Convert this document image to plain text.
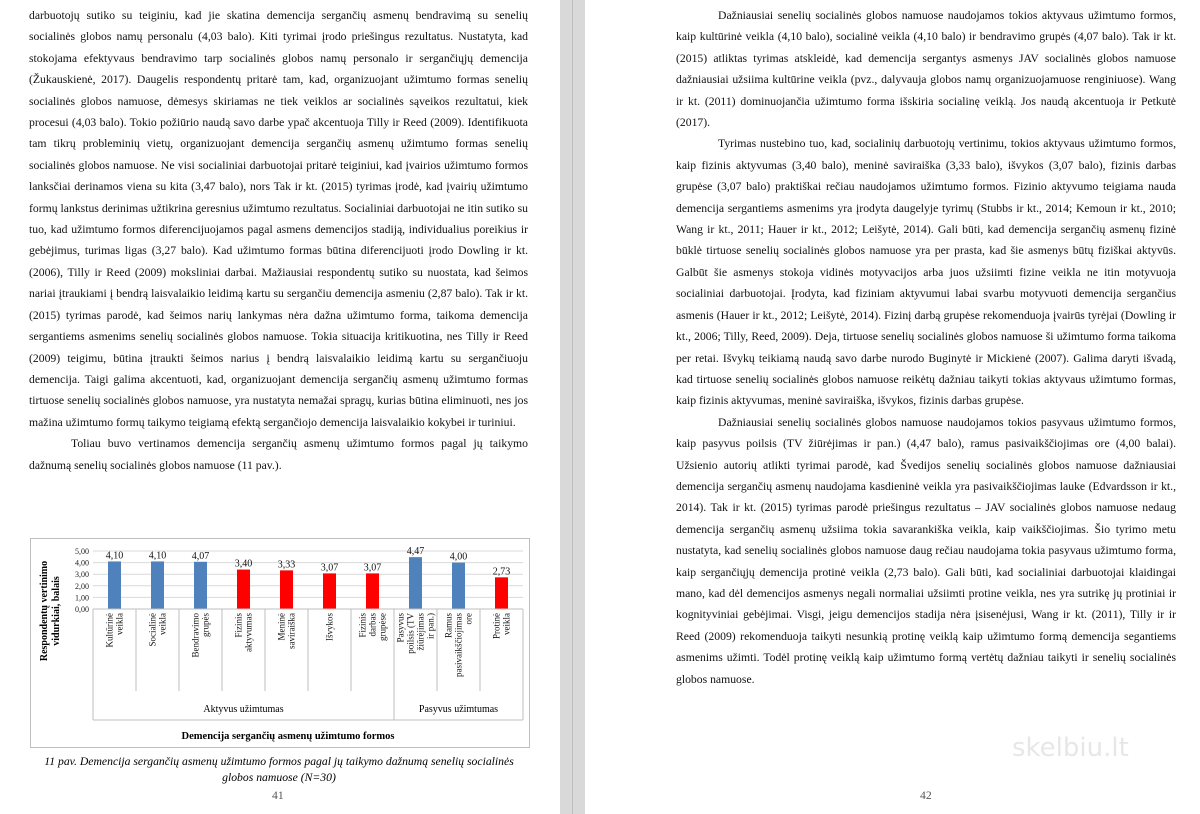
darbuotojų sutiko su teiginiu, kad jie skatina demencija sergančių asmenų bendravimą su senelių socialinės globos namų personalu (4,03 balo). Kiti tyrimai įrodo priešingus rezultatus. Nustatyta, kad stokojama efektyvaus bendravimo tarp socialinės globos namų personalo ir sergančiųjų demencija (Žukauskienė, 2017). Daugelis respondentų pritarė tam, kad, organizuojant užimtumo formas senelių socialinės globos namuose, dėmesys skiriamas ne tiek veiklos ar socialinės sąveikos rezultatui, kiek procesui (4,03 balo). Tokio požiūrio naudą savo darbe ypač akcentuoja Tilly ir Reed (2009). Identifikuota tam tikrų probleminių vietų, organizuojant demencija sergančių asmenų užimtumo formas senelių socialinės globos namuose. Ne visi socialiniai darbuotojai pritarė teiginiui, kad įvairios užimtumo formos lanksčiai derinamos viena su kita (3,47 balo), nors Tak ir kt. (2015) tyrimas įrodė, kad įvairių užimtumo formų lankstus derinimas užtikrina geresnius užimtumo rezultatus. Socialiniai darbuotojai ne itin sutiko su tuo, kad užimtumo formos diferencijuojamos pagal asmens demencijos stadiją, individualius poreikius ir gebėjimus, turimas ligas (3,27 balo). Kad užimtumo formas būtina diferencijuoti įrodo Dowling ir kt. (2006), Tilly ir Reed (2009) moksliniai darbai. Mažiausiai respondentų sutiko su nuostata, kad šeimos nariai įtraukiami į bendrą laisvalaikio leidimą kartu su sergančiu demencija asmeniu (2,87 balo). Tak ir kt. (2015) tyrimas parodė, kad šeimos narių lankymas nėra dažna užimtumo forma, taikoma demencija sergantiems asmenims senelių socialinės globos namuose. Tokia situacija kritikuotina, nes Tilly ir Reed (2009) teigimu, būtina įtraukti šeimos narius į bendrą laisvalaikio leidimą kartu su sergančiuoju demencija. Taigi galima akcentuoti, kad, organizuojant demencija sergančių asmenų užimtumo formas tirtuose senelių socialinės globos namuose, yra nustatyta nemažai spragų, kurias būtina eliminuoti, nes jos mažina užimtumo formų taikymo teigiamą efektą sergančiojo demencija laisvalaikio kokybei ir turiniui.

Toliau buvo vertinamos demencija sergančių asmenų užimtumo formos pagal jų taikymo dažnumą senelių socialinės globos namuose (11 pav.).

0,00
1,00
2,00
3,00
4,00
5,00
Respondentų vertinimovidurkiai, balais
4,10
Kultūrinėveikla
4,10
Socialinėveikla
4,07
Bendravimogrupės
3,40
Fizinisaktyvumas
3,33
Meninėsaviraiška
3,07
Išvykos
3,07
Fizinisdarbasgrupėse
4,47
Pasyvuspoilsis (TVžiūrėjimasir pan.)
4,00
Ramuspasivaikščiojimasore
2,73
Protinėveikla
Aktyvus užimtumas	Pasyvus užimtumas
Demencija sergančių asmenų užimtumo formos
11 pav. Demencija sergančių asmenų užimtumo formos pagal jų taikymo dažnumą senelių socialinės globos namuose (N=30)
41

Dažniausiai senelių socialinės globos namuose naudojamos tokios aktyvaus užimtumo formos, kaip kultūrinė veikla (4,10 balo), socialinė veikla (4,10 balo) ir bendravimo grupės (4,07 balo). Tak ir kt. (2015) atliktas tyrimas atskleidė, kad demencija sergantys asmenys JAV socialinės globos namuose dažniausiai užsiima kultūrine veikla (pvz., dalyvauja globos namų organizuojamuose renginiuose). Wang ir kt. (2011) dominuojančia užimtumo forma išskiria socialinę veiklą. Jos naudą akcentuoja ir Petkutė (2017).

Tyrimas nustebino tuo, kad, socialinių darbuotojų vertinimu, tokios aktyvaus užimtumo formos, kaip fizinis aktyvumas (3,40 balo), meninė saviraiška (3,33 balo), išvykos (3,07 balo), fizinis darbas grupėse (3,07 balo) praktiškai rečiau naudojamos užimtumo formos. Fizinio aktyvumo teigiama nauda demencija sergantiems asmenims yra įrodyta daugelyje tyrimų (Stubbs ir kt., 2014; Kemoun ir kt., 2010; Wang ir kt., 2011; Hauer ir kt., 2012; Leišytė, 2014). Gali būti, kad demencija sergančių asmenų fizinė būklė tirtuose senelių socialinės globos namuose yra per prasta, kad šie asmenys būtų fiziškai aktyvūs. Galbūt šie asmenys stokoja vidinės motyvacijos arba juos užsiimti fizine veikla ne itin motyvuoja socialiniai darbuotojai. Įrodyta, kad fiziniam aktyvumui labai svarbu motyvuoti demencija sergančius asmenis (Hauer ir kt., 2012; Leišytė, 2014). Fizinį darbą grupėse rekomenduoja įvairūs tyrėjai (Dowling ir kt., 2006; Tilly, Reed, 2009). Deja, tirtuose senelių socialinės globos namuose ši užimtumo forma taikoma per retai. Išvykų teikiamą naudą savo darbe nurodo Buginytė ir Mickienė (2007). Galima daryti išvadą, kad tirtuose senelių socialinės globos namuose reikėtų dažniau taikyti tokias aktyvaus užimtumo formas, kaip fizinis aktyvumas, meninė saviraiška, išvykos, fizinis darbas grupėse.

Dažniausiai senelių socialinės globos namuose naudojamos tokios pasyvaus užimtumo formos, kaip pasyvus poilsis (TV žiūrėjimas ir pan.) (4,47 balo), ramus pasivaikščiojimas ore (4,00 balai). Užsienio autorių atlikti tyrimai parodė, kad Švedijos senelių socialinės globos namuose dažniausiai demencija sergančių asmenų naudojama kasdieninė veikla yra pasivaikščiojimas lauke (Edvardsson ir kt., 2014). Tak ir kt. (2015) tyrimas parodė priešingus rezultatus – JAV socialinės globos namuose nedaug demencija sergančių asmenų užsiima tokia savarankiška veikla, kaip vaikščiojimas. Šio tyrimo metu nustatyta, kad senelių socialinės globos namuose daug rečiau naudojama tokia pasyvaus užimtumo forma, kaip sergančiųjų demencija protinė veikla (2,73 balo). Gali būti, kad socialiniai darbuotojai klaidingai mano, kad dėl demencijos asmenys negali normaliai užsiimti protine veikla, nes yra sutrikę jų protiniai ir kognityviniai gebėjimai. Visgi, jeigu demencijos stadija nėra įsisenėjusi, Wang ir kt. (2011), Tilly ir ir Reed (2009) rekomenduoja taikyti nesunkią protinę veiklą kaip užimtumo formą demencija segantiems asmenims užimti. Todėl protinę veiklą kaip užimtumo formą vertėtų dažniau taikyti ir senelių socialinės globos namuose.

42
skelbiu.lt
